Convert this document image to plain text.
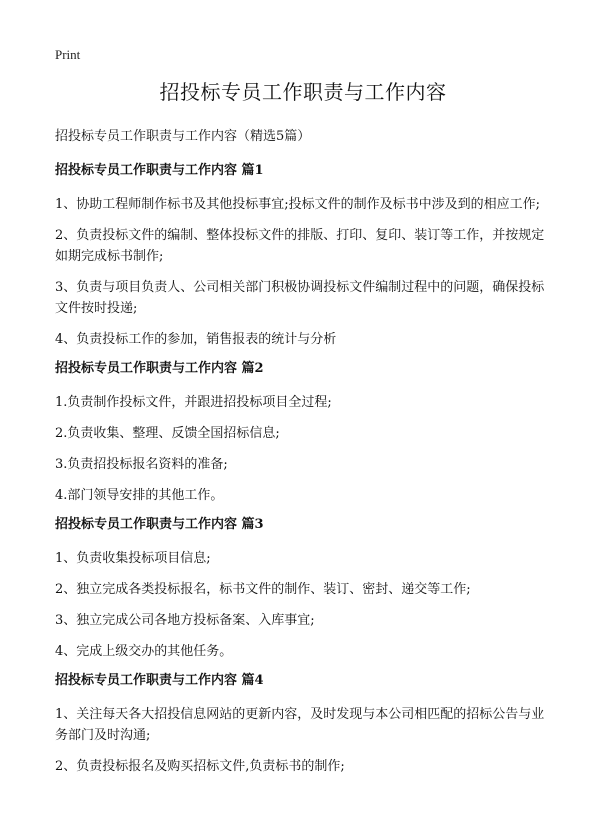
Print
招投标专员工作职责与工作内容

招投标专员工作职责与工作内容（精选5篇）

招投标专员工作职责与工作内容 篇1

1、协助工程师制作标书及其他投标事宜;投标文件的制作及标书中涉及到的相应工作;

2、负责投标文件的编制、整体投标文件的排版、打印、复印、装订等工作，并按规定如期完成标书制作;

3、负责与项目负责人、公司相关部门积极协调投标文件编制过程中的问题，确保投标文件按时投递;

4、负责投标工作的参加，销售报表的统计与分析

招投标专员工作职责与工作内容 篇2

1.负责制作投标文件，并跟进招投标项目全过程;

2.负责收集、整理、反馈全国招标信息;

3.负责招投标报名资料的准备;

4.部门领导安排的其他工作。

招投标专员工作职责与工作内容 篇3

1、负责收集投标项目信息;

2、独立完成各类投标报名，标书文件的制作、装订、密封、递交等工作;

3、独立完成公司各地方投标备案、入库事宜;

4、完成上级交办的其他任务。

招投标专员工作职责与工作内容 篇4

1、关注每天各大招投信息网站的更新内容，及时发现与本公司相匹配的招标公告与业务部门及时沟通;

2、负责投标报名及购买招标文件,负责标书的制作;
